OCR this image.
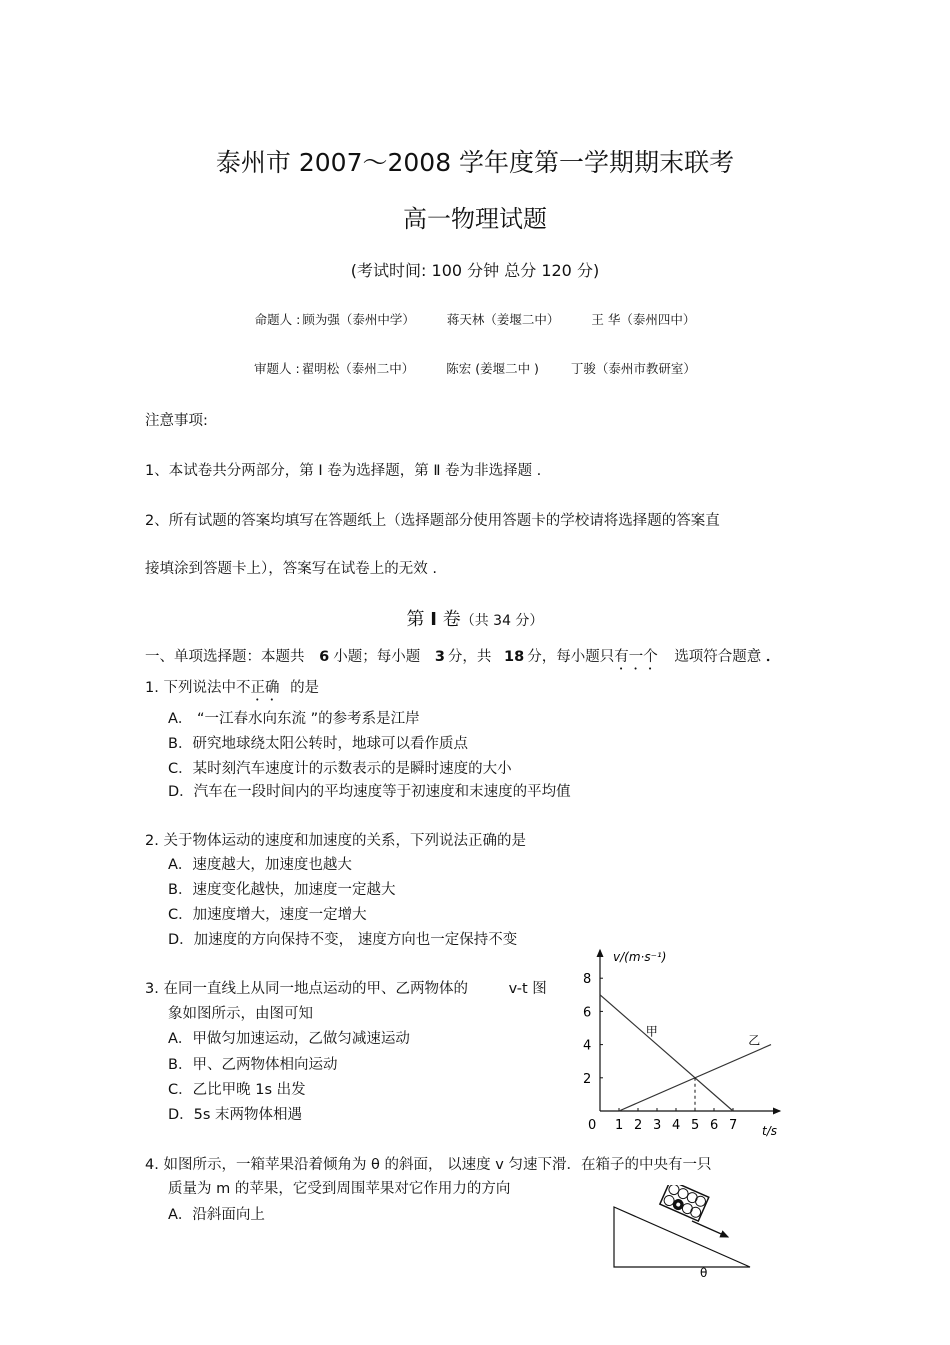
泰州市 2007～2008 学年度第一学期期末联考
高一物理试题
(考试时间: 100 分钟 总分 120 分)
命题人 : 顾为强（泰州中学）	蒋天林（姜堰二中）	王 华（泰州四中）
审题人 : 翟明松（泰州二中）	陈宏 (姜堰二中 )	丁骏（泰州市教研室）
注意事项:
1、本试卷共分两部分，第 Ⅰ 卷为选择题，第 Ⅱ 卷为非选择题 .
2、所有试题的答案均填写在答题纸上（选择题部分使用答题卡的学校请将选择题的答案直
接填涂到答题卡上），答案写在试卷上的无效 .
第 Ⅰ 卷（共 34 分）
一、单项选择题：本题共 6 小题；每小题 3 分，共 18 分，每小题只有一个 选项符合题意 ．
1. 下列说法中不正确 的是
A． “一江春水向东流 ”的参考系是江岸
B．研究地球绕太阳公转时，地球可以看作质点
C．某时刻汽车速度计的示数表示的是瞬时速度的大小
D．汽车在一段时间内的平均速度等于初速度和末速度的平均值
2. 关于物体运动的速度和加速度的关系，下列说法正确的是
A．速度越大，加速度也越大
B．速度变化越快，加速度一定越大
C．加速度增大，速度一定增大
D．加速度的方向保持不变， 速度方向也一定保持不变
3. 在同一直线上从同一地点运动的甲、乙两物体的	v-t 图
象如图所示，由图可知
A．甲做匀加速运动，乙做匀减速运动
B．甲、乙两物体相向运动
C．乙比甲晚 1s 出发
D．5s 末两物体相遇
v/(m·s⁻¹)
t/s
0 1 2 3 4 5 6 7
2
4
6
8
甲
乙
4. 如图所示，一箱苹果沿着倾角为 θ 的斜面， 以速度 v 匀速下滑．在箱子的中央有一只
质量为 m 的苹果，它受到周围苹果对它作用力的方向
A．沿斜面向上
θ
